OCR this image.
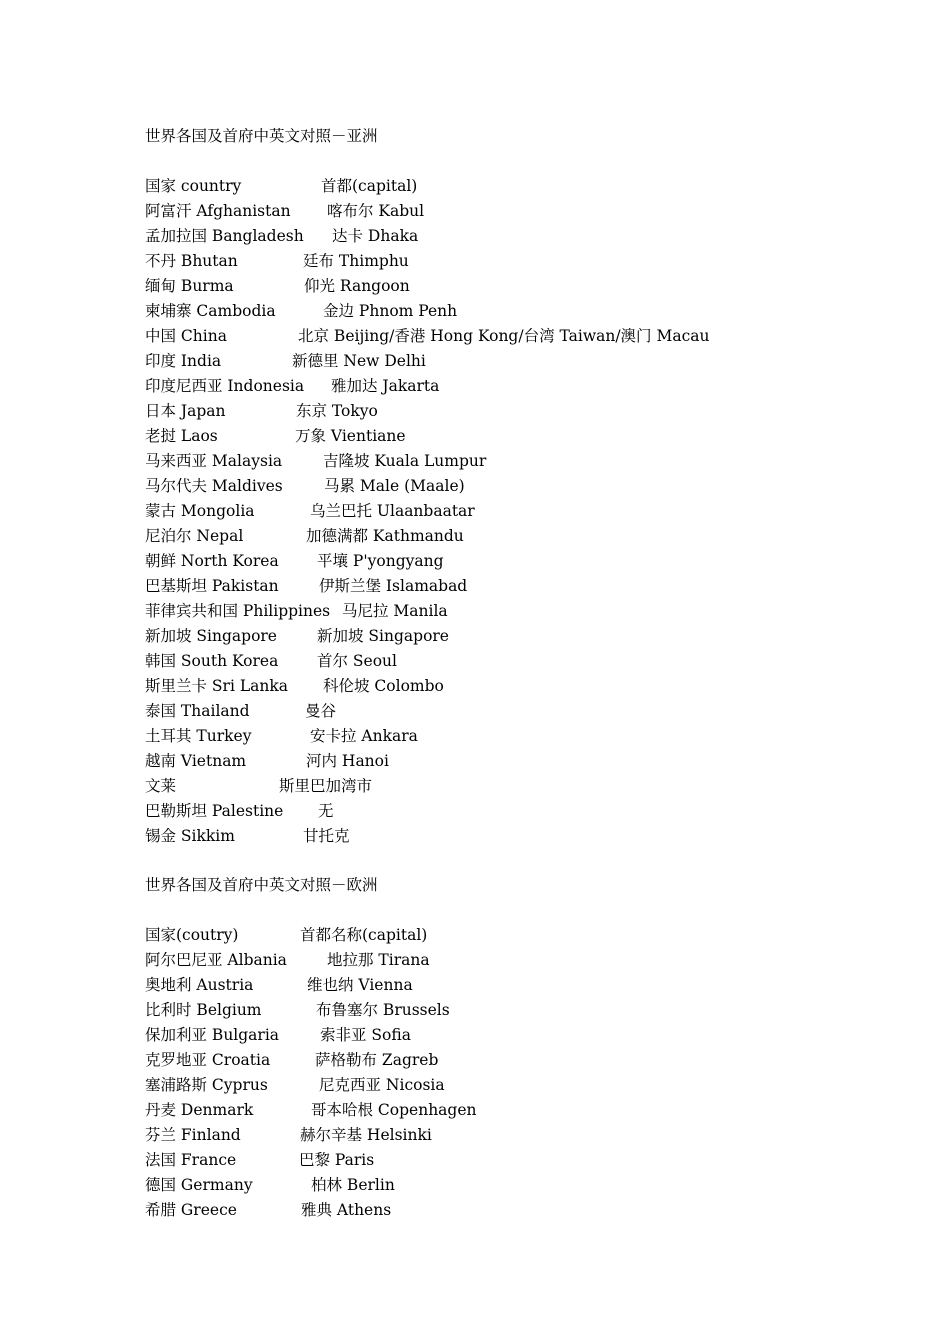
世界各国及首府中英文对照－亚洲
国家 country	首都(capital)
阿富汗 Afghanistan 喀布尔 Kabul
孟加拉国 Bangladesh 达卡 Dhaka
不丹 Bhutan	廷布 Thimphu
缅甸 Burma	仰光 Rangoon
柬埔寨 Cambodia	金边 Phnom Penh
中国 China	北京 Beijing/香港 Hong Kong/台湾 Taiwan/澳门 Macau
印度 India	新德里 New Delhi
印度尼西亚 Indonesia 雅加达 Jakarta
日本 Japan	东京 Tokyo
老挝 Laos	万象 Vientiane
马来西亚 Malaysia	吉隆坡 Kuala Lumpur
马尔代夫 Maldives	马累 Male (Maale)
蒙古 Mongolia	乌兰巴托 Ulaanbaatar
尼泊尔 Nepal	加德满都 Kathmandu
朝鲜 North Korea 平壤 P'yongyang
巴基斯坦 Pakistan	伊斯兰堡 Islamabad
菲律宾共和国 Philippines 马尼拉 Manila
新加坡 Singapore	新加坡 Singapore
韩国 South Korea 首尔 Seoul
斯里兰卡 Sri Lanka 科伦坡 Colombo
泰国 Thailand	曼谷
土耳其 Turkey	安卡拉 Ankara
越南 Vietnam	河内 Hanoi
文莱	斯里巴加湾市
巴勒斯坦 Palestine 无
锡金 Sikkim	甘托克
世界各国及首府中英文对照－欧洲
国家(coutry)	首都名称(capital)
阿尔巴尼亚 Albania	地拉那 Tirana
奥地利 Austria	维也纳 Vienna
比利时 Belgium	布鲁塞尔 Brussels
保加利亚 Bulgaria	索非亚 Sofia
克罗地亚 Croatia	萨格勒布 Zagreb
塞浦路斯 Cyprus	尼克西亚 Nicosia
丹麦 Denmark	哥本哈根 Copenhagen
芬兰 Finland	赫尔辛基 Helsinki
法国 France	巴黎 Paris
德国 Germany	柏林 Berlin
希腊 Greece	雅典 Athens
